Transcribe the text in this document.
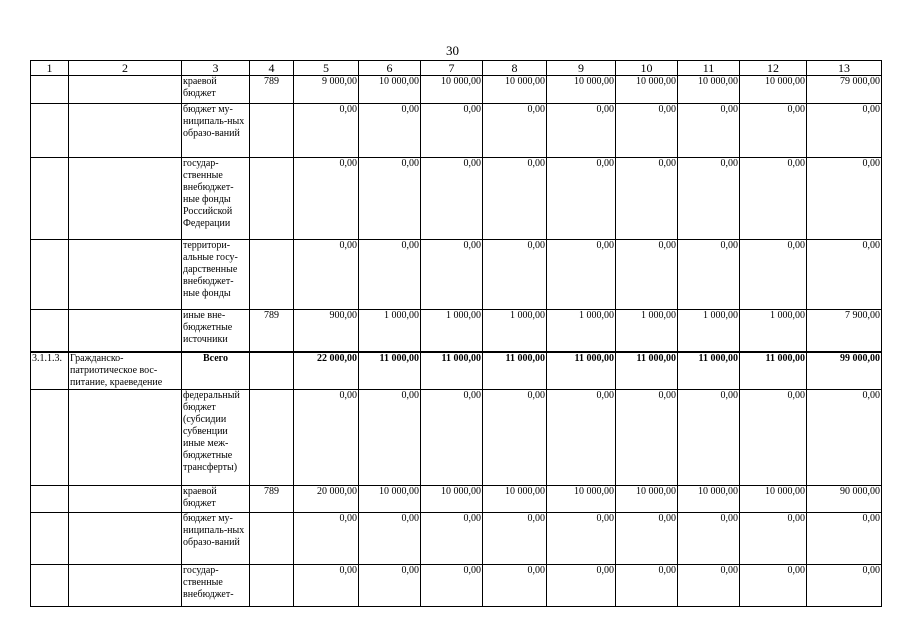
30
1	2	3	4	5	6	7	8	9	10	11	12	13
		краевой бюджет	789	9 000,00	10 000,00	10 000,00	10 000,00	10 000,00	10 000,00	10 000,00	10 000,00	79 000,00
		бюджет му-ниципаль-ных образо-ваний		0,00	0,00	0,00	0,00	0,00	0,00	0,00	0,00	0,00
		государ-ственные внебюджет-ные фонды Российской Федерации		0,00	0,00	0,00	0,00	0,00	0,00	0,00	0,00	0,00
		территори-альные госу-дарственные внебюджет-ные фонды		0,00	0,00	0,00	0,00	0,00	0,00	0,00	0,00	0,00
		иные вне-бюджетные источники	789	900,00	1 000,00	1 000,00	1 000,00	1 000,00	1 000,00	1 000,00	1 000,00	7 900,00
3.1.1.3.	Гражданско-патриотическое вос-питание, краеведение	Всего		22 000,00	11 000,00	11 000,00	11 000,00	11 000,00	11 000,00	11 000,00	11 000,00	99 000,00
		федеральный бюджет (субсидии субвенции иные меж-бюджетные трансферты)		0,00	0,00	0,00	0,00	0,00	0,00	0,00	0,00	0,00
		краевой бюджет	789	20 000,00	10 000,00	10 000,00	10 000,00	10 000,00	10 000,00	10 000,00	10 000,00	90 000,00
		бюджет му-ниципаль-ных образо-ваний		0,00	0,00	0,00	0,00	0,00	0,00	0,00	0,00	0,00
		государ-ственные внебюджет-		0,00	0,00	0,00	0,00	0,00	0,00	0,00	0,00	0,00
